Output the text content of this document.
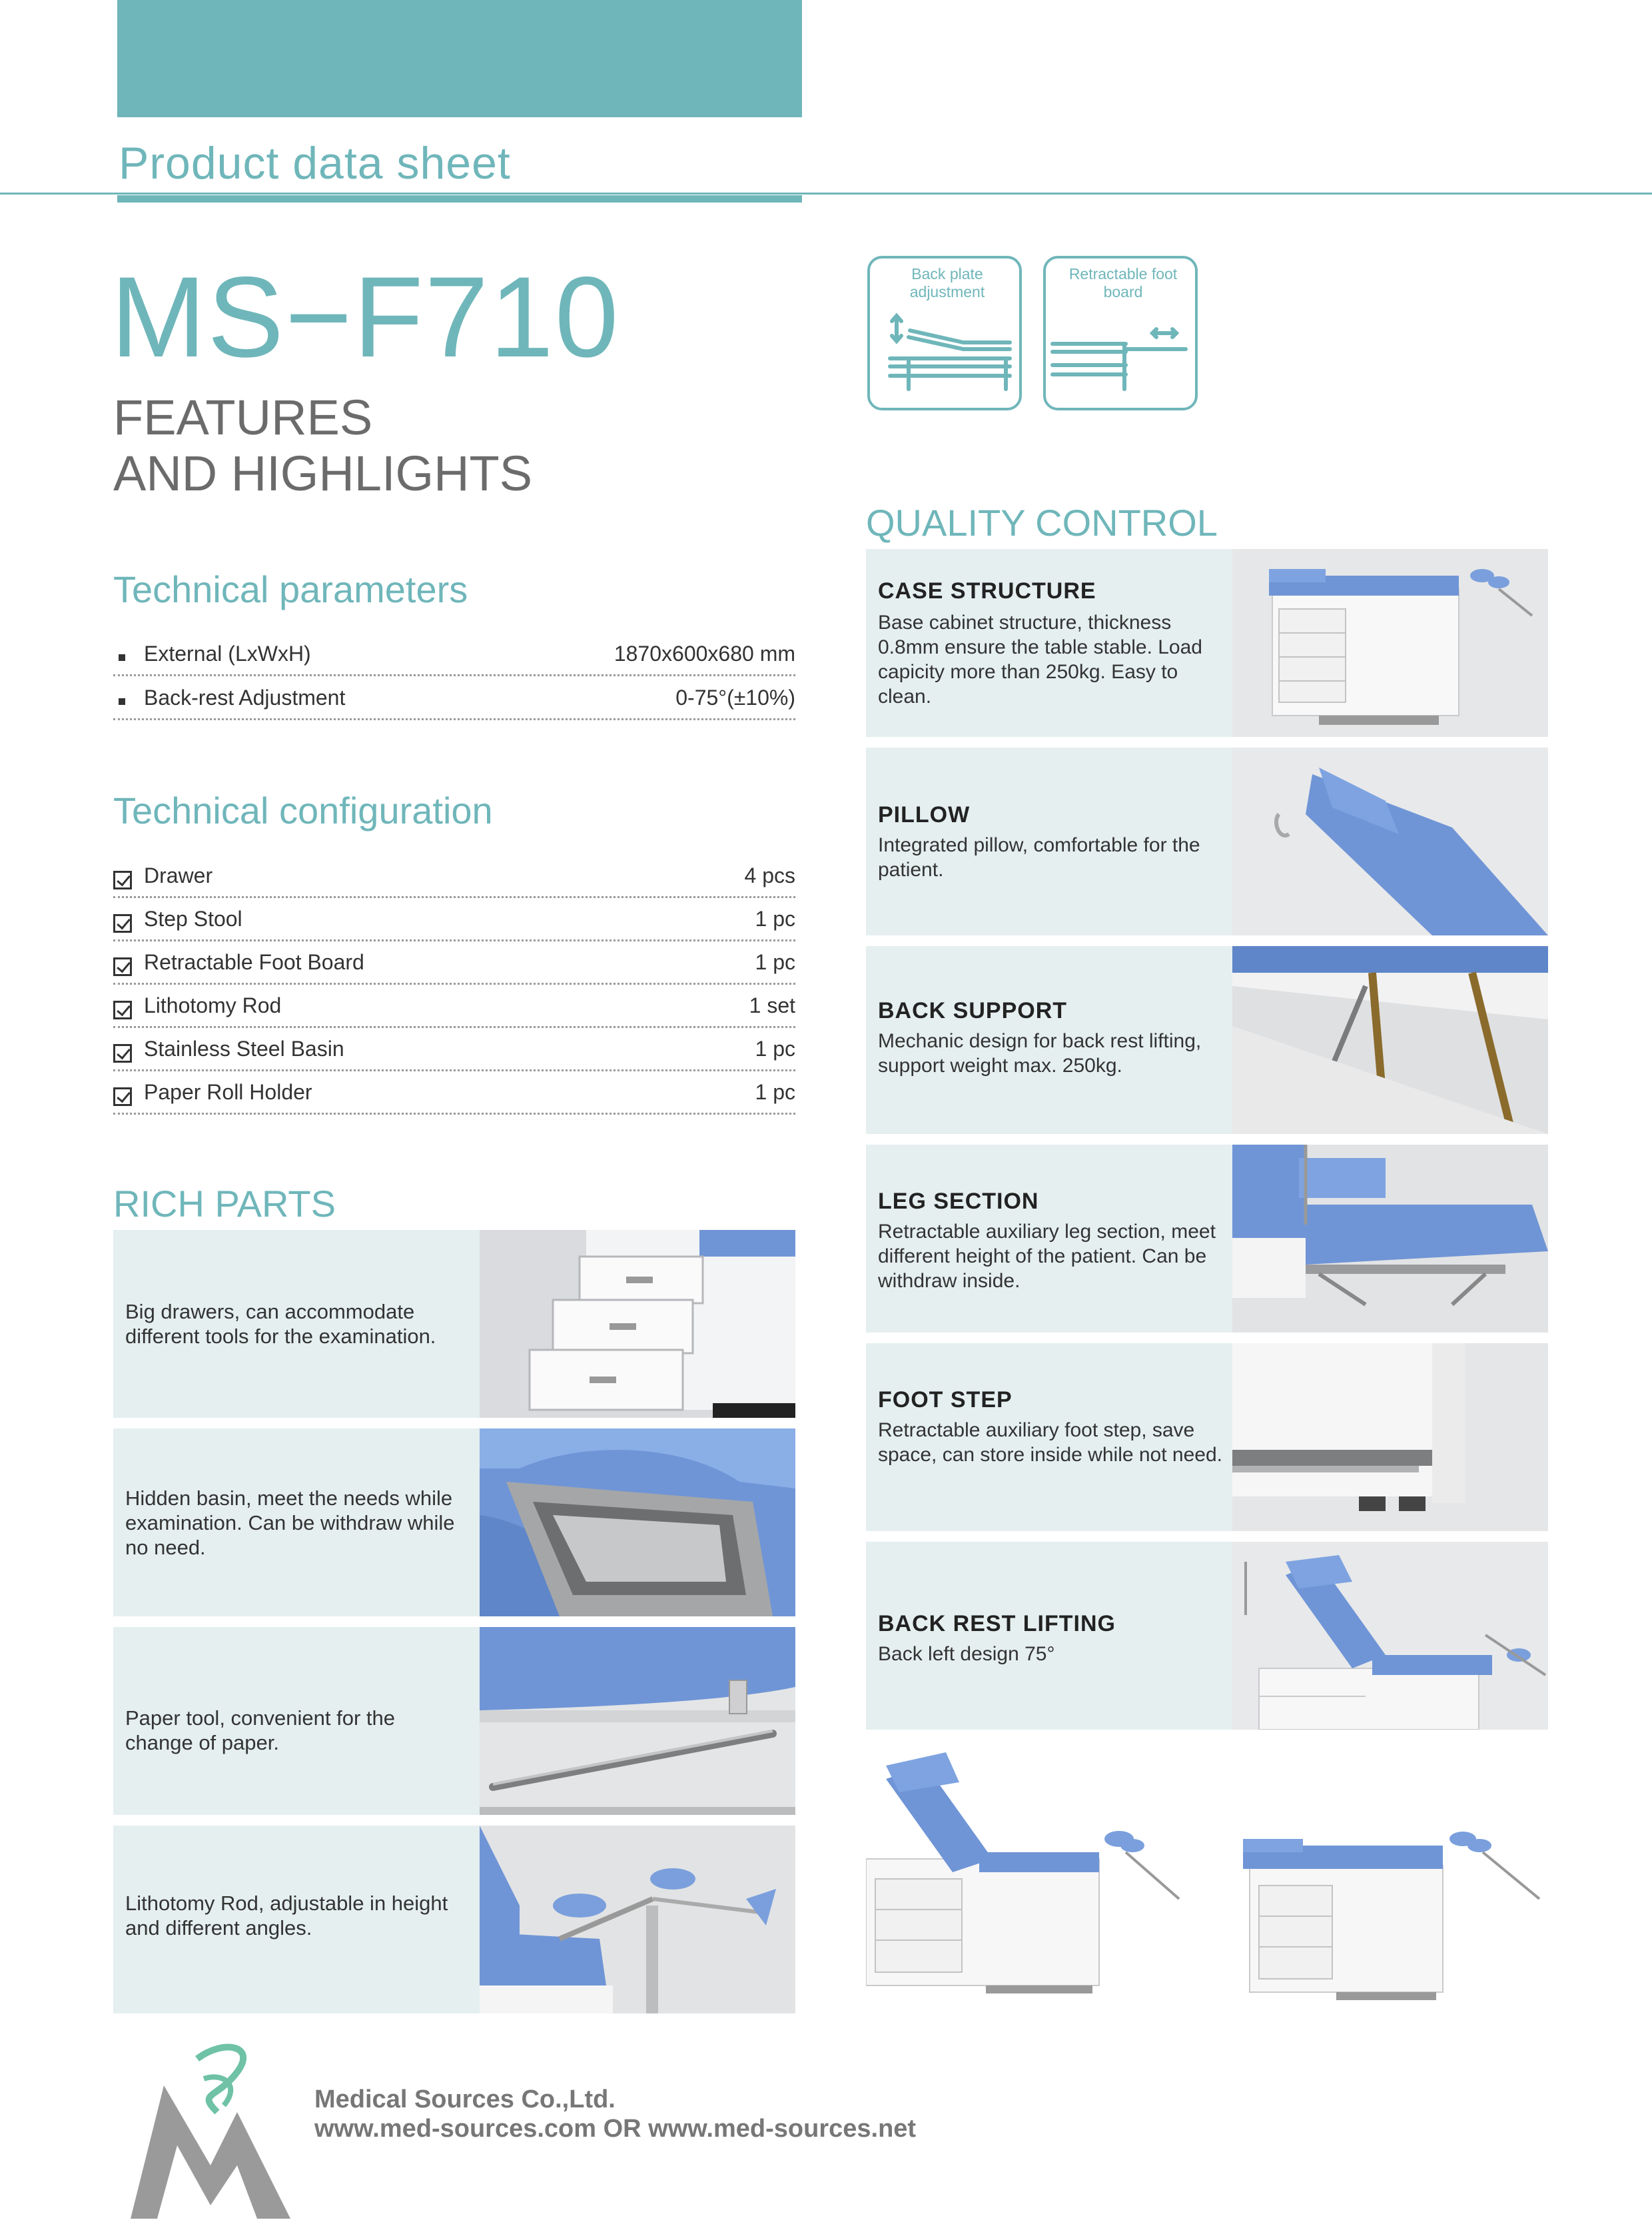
Product data sheet
MS−F710
FEATURES
AND HIGHLIGHTS
Back plate adjustment
Retractable foot board
Technical parameters
External (LxWxH)	1870x600x680 mm
Back-rest Adjustment	0-75°(±10%)
Technical configuration
Drawer	4 pcs
Step Stool	1 pc
Retractable Foot Board	1 pc
Lithotomy Rod	1 set
Stainless Steel Basin	1 pc
Paper Roll Holder	1 pc
RICH PARTS
Big drawers, can accommodate different tools for the examination.
Hidden basin, meet the needs while examination. Can be withdraw while no need.
Paper tool, convenient for the change of paper.
Lithotomy Rod, adjustable in height and different angles.
QUALITY CONTROL
CASE STRUCTURE
Base cabinet structure, thickness 0.8mm ensure the table stable. Load capicity more than 250kg. Easy to clean.
PILLOW
Integrated pillow, comfortable for the patient.
BACK SUPPORT
Mechanic design for back rest lifting, support weight max. 250kg.
LEG SECTION
Retractable auxiliary leg section, meet different height of the patient. Can be withdraw inside.
FOOT STEP
Retractable auxiliary foot step, save space, can store inside while not need.
BACK REST LIFTING
Back left design 75°
Medical Sources Co.,Ltd.
www.med-sources.com OR www.med-sources.net
